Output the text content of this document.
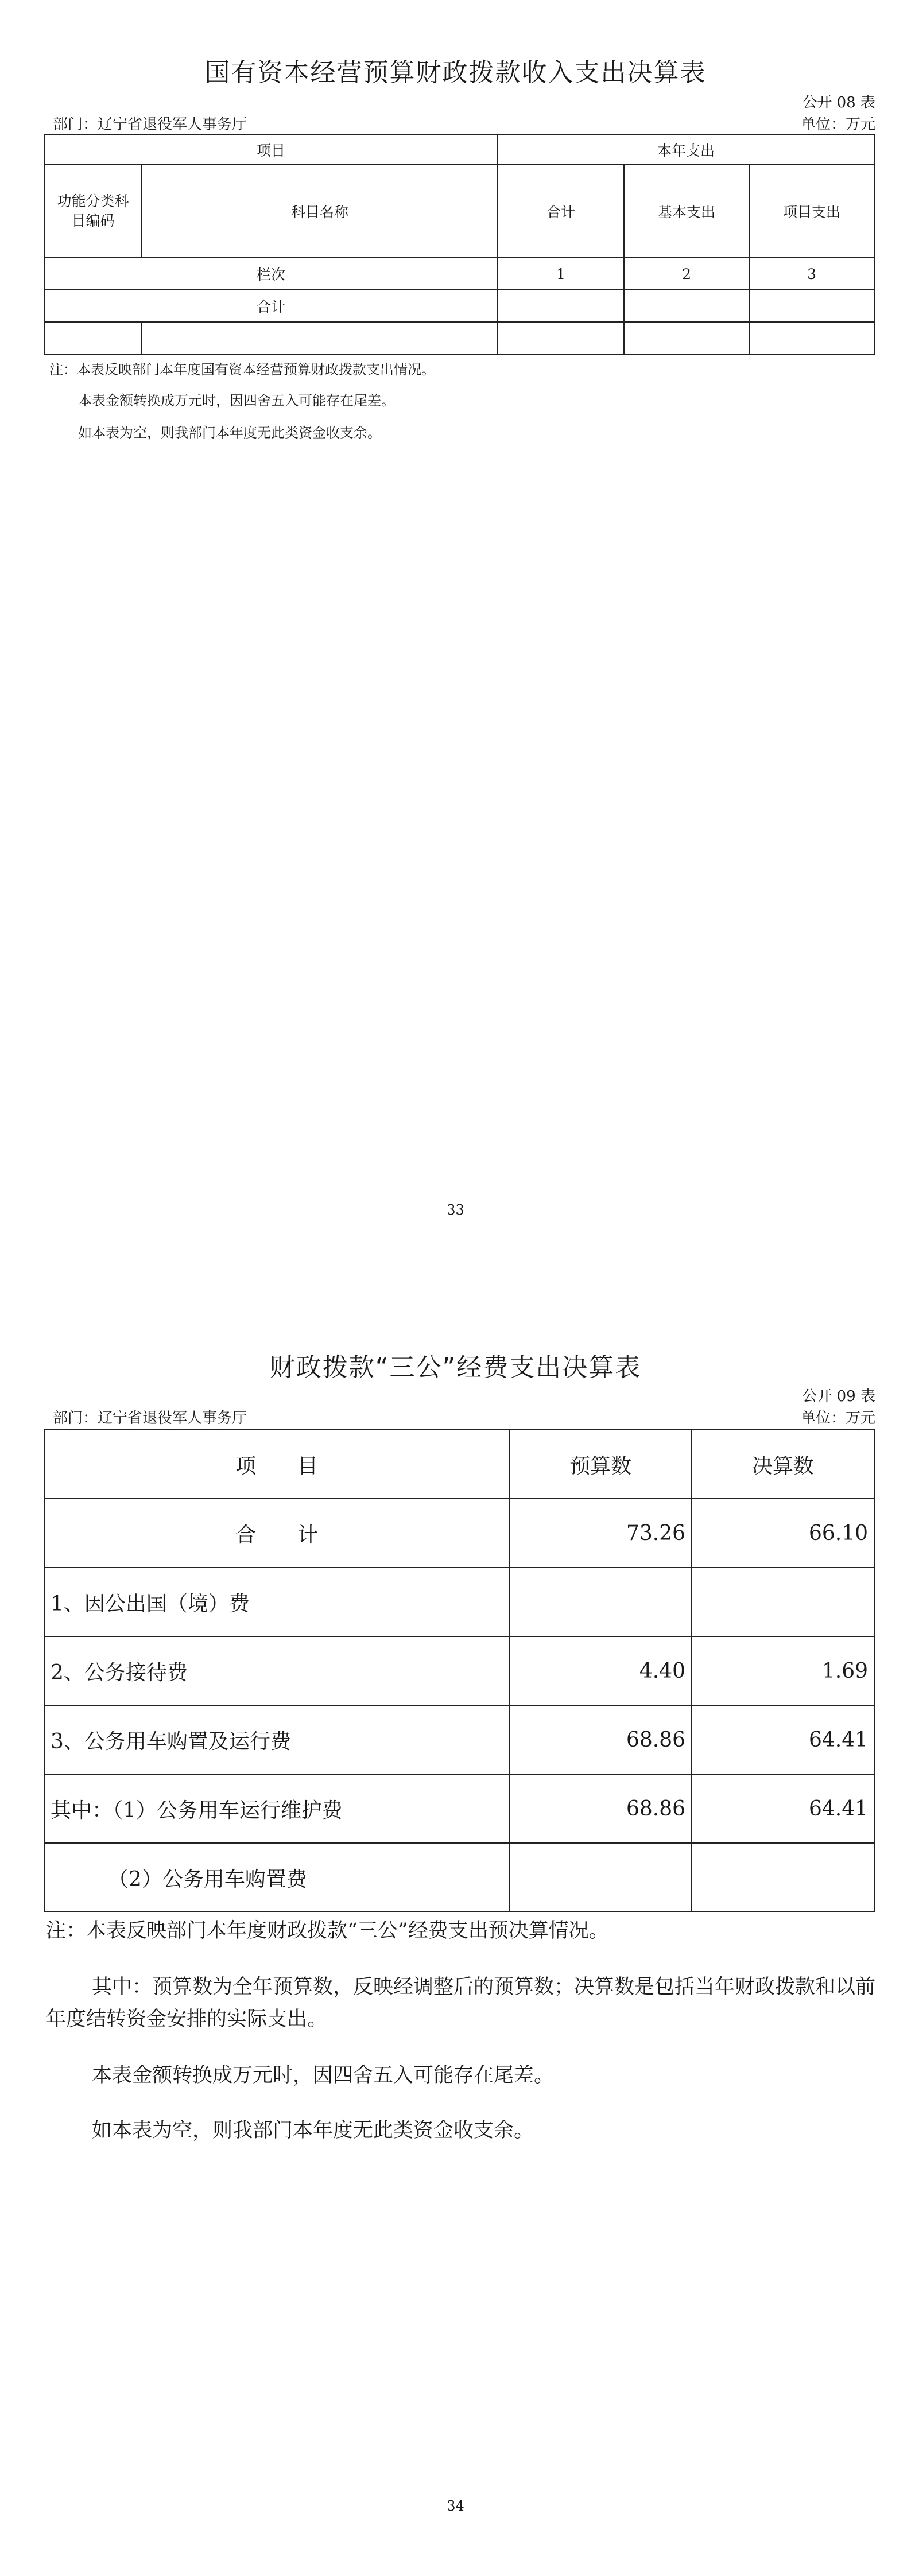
国有资本经营预算财政拨款收入支出决算表
公开 08 表
部门：辽宁省退役军人事务厅	单位：万元
项目		本年支出		
功能分类科目编码	科目名称	合计	基本支出	项目支出
栏次		1	2	3
合计				

注：本表反映部门本年度国有资本经营预算财政拨款支出情况。
本表金额转换成万元时，因四舍五入可能存在尾差。
如本表为空，则我部门本年度无此类资金收支余。
33
财政拨款“三公”经费支出决算表
公开 09 表
部门：辽宁省退役军人事务厅	单位：万元
项　　目	预算数	决算数
合　　计	73.26	66.10
1、因公出国（境）费		
2、公务接待费	4.40	1.69
3、公务用车购置及运行费	68.86	64.41
其中：（1）公务用车运行维护费	68.86	64.41
（2）公务用车购置费		
注：本表反映部门本年度财政拨款“三公”经费支出预决算情况。
其中：预算数为全年预算数，反映经调整后的预算数；决算数是包括当年财政拨款和以前年度结转资金安排的实际支出。
本表金额转换成万元时，因四舍五入可能存在尾差。
如本表为空，则我部门本年度无此类资金收支余。
34
